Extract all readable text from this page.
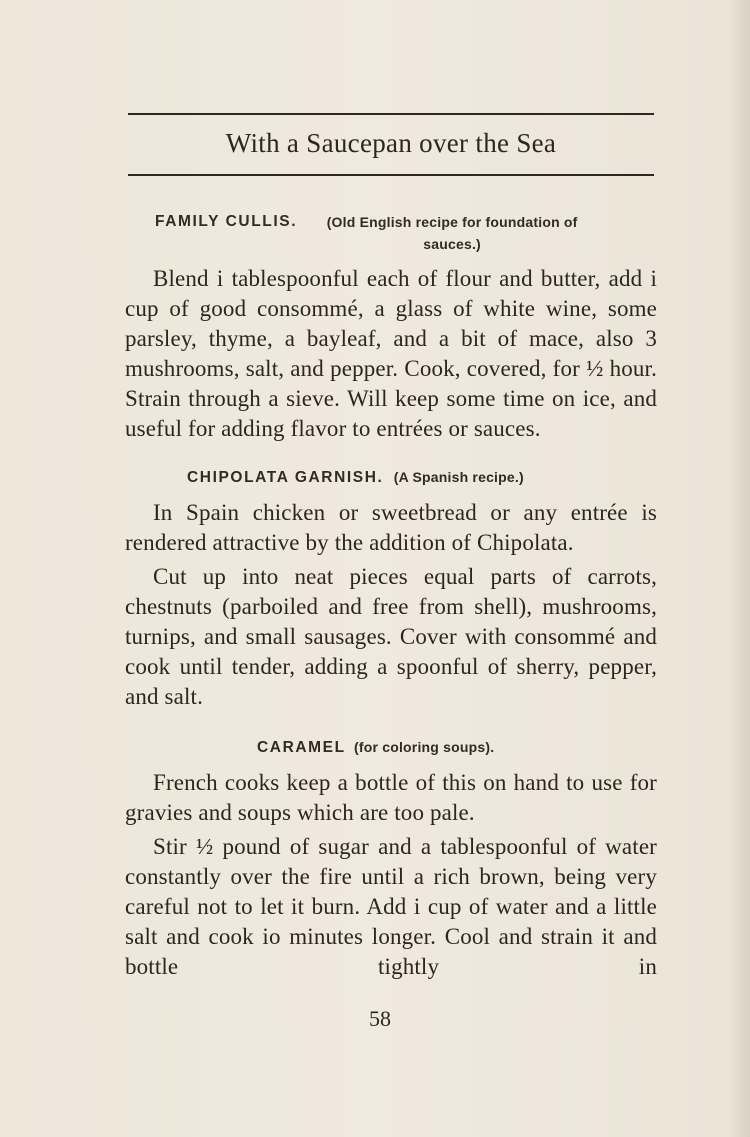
With a Saucepan over the Sea
FAMILY CULLIS.	(Old English recipe for foundation of sauces.)

Blend i tablespoonful each of flour and butter, add i cup of good consommé, a glass of white wine, some parsley, thyme, a bayleaf, and a bit of mace, also 3 mushrooms, salt, and pepper. Cook, covered, for ½ hour. Strain through a sieve. Will keep some time on ice, and useful for adding flavor to entrées or sauces.

CHIPOLATA GARNISH. (A Spanish recipe.)

In Spain chicken or sweetbread or any entrée is rendered attractive by the addition of Chipolata.

Cut up into neat pieces equal parts of carrots, chestnuts (parboiled and free from shell), mushrooms, turnips, and small sausages. Cover with consommé and cook until tender, adding a spoonful of sherry, pepper, and salt.

CARAMEL (for coloring soups).

French cooks keep a bottle of this on hand to use for gravies and soups which are too pale.

Stir ½ pound of sugar and a tablespoonful of water constantly over the fire until a rich brown, being very careful not to let it burn. Add i cup of water and a little salt and cook io minutes longer. Cool and strain it and bottle tightly in

58
